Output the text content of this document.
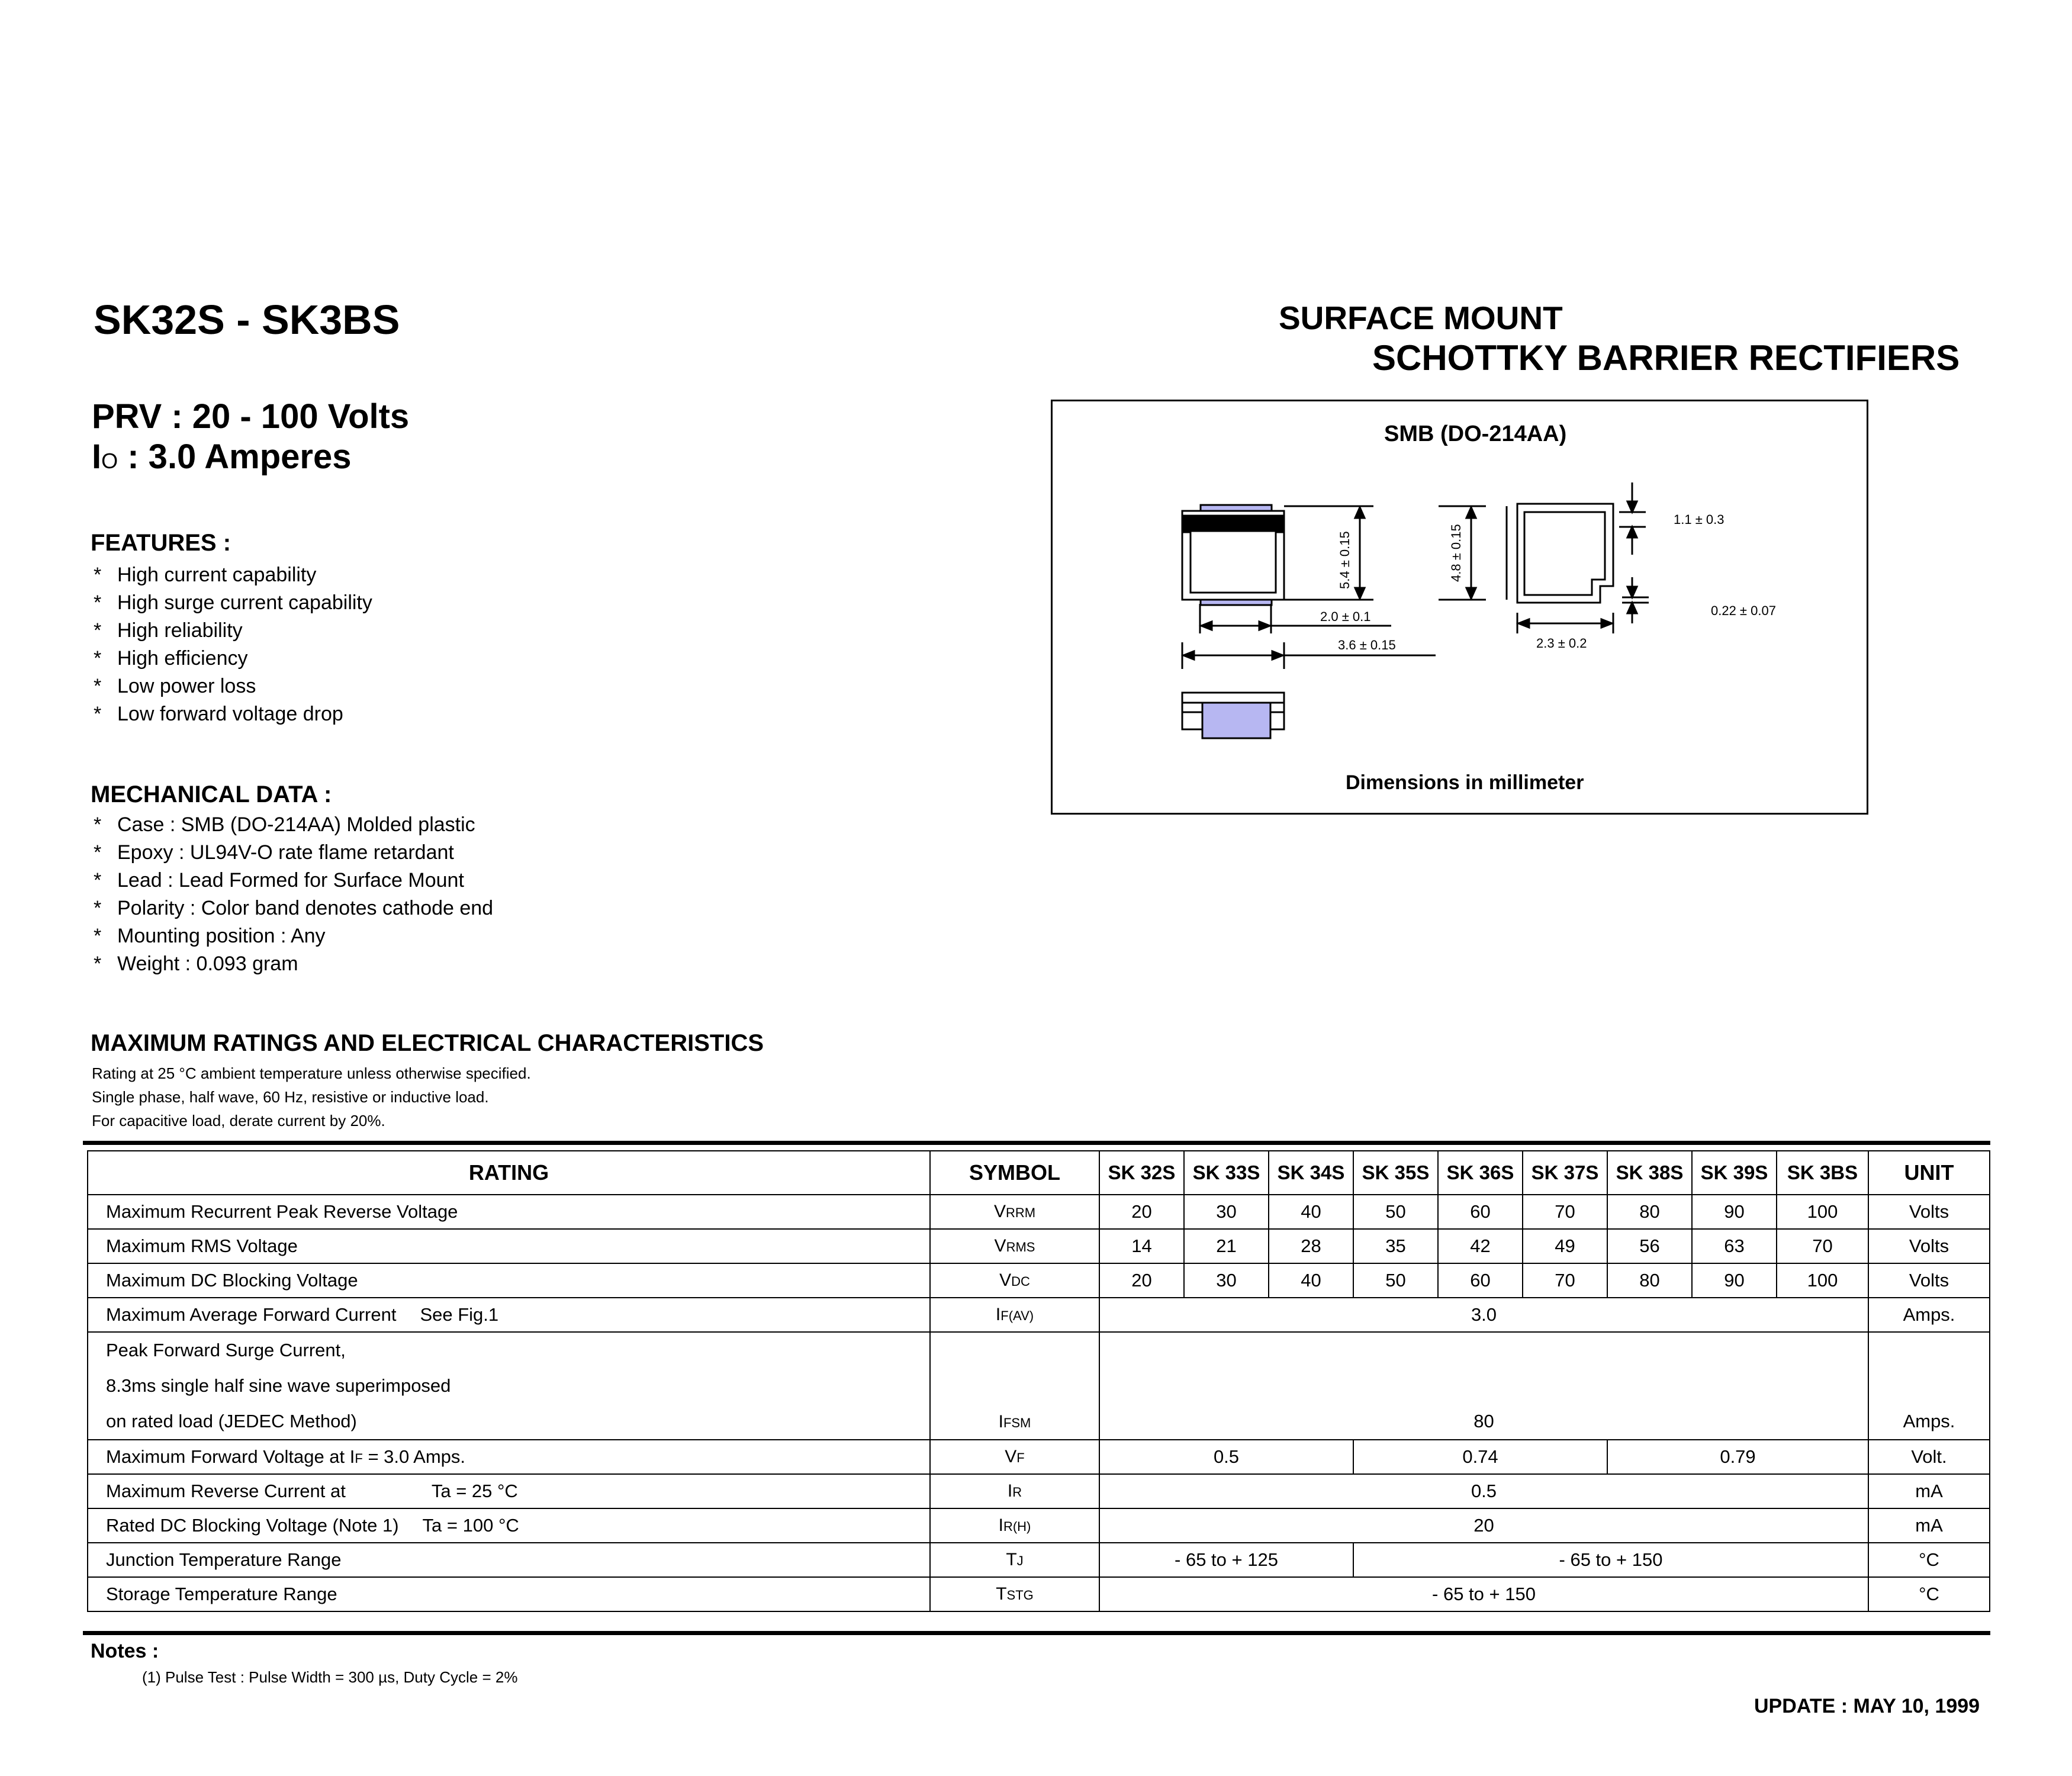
SK32S - SK3BS	SURFACE MOUNT
SCHOTTKY BARRIER RECTIFIERS
PRV : 20 - 100 Volts
IO : 3.0 Amperes
FEATURES :
* High current capability
* High surge current capability
* High reliability
* High efficiency
* Low power loss
* Low forward voltage drop
MECHANICAL DATA :
* Case : SMB (DO-214AA) Molded plastic
* Epoxy : UL94V-O rate flame retardant
* Lead : Lead Formed for Surface Mount
* Polarity : Color band denotes cathode end
* Mounting position : Any
* Weight : 0.093 gram
SMB (DO-214AA)
5.4 ± 0.15
2.0 ± 0.1
3.6 ± 0.15
4.8 ± 0.15
2.3 ± 0.2
1.1 ± 0.3
0.22 ± 0.07
Dimensions in millimeter
MAXIMUM RATINGS AND ELECTRICAL CHARACTERISTICS
Rating at 25 °C ambient temperature unless otherwise specified.
Single phase, half wave, 60 Hz, resistive or inductive load.
For capacitive load, derate current by 20%.
RATING	SYMBOL	SK 32S	SK 33S	SK 34S	SK 35S	SK 36S	SK 37S	SK 38S	SK 39S	SK 3BS	UNIT
Maximum Recurrent Peak Reverse Voltage	VRRM	20	30	40	50	60	70	80	90	100	Volts
Maximum RMS Voltage	VRMS	14	21	28	35	42	49	56	63	70	Volts
Maximum DC Blocking Voltage	VDC	20	30	40	50	60	70	80	90	100	Volts
Maximum Average Forward Current See Fig.1	IF(AV)	3.0									Amps.

Peak Forward Surge Current,
8.3ms single half sine wave superimposed
on rated load (JEDEC Method)	IFSM	80									Amps.
Maximum Forward Voltage at IF = 3.0 Amps.	VF	0.5			0.74			0.79			Volt.
Maximum Reverse Current at Ta = 25 °C	IR	0.5									mA
Rated DC Blocking Voltage (Note 1) Ta = 100 °C	IR(H)	20									mA
Junction Temperature Range	TJ	- 65 to + 125			- 65 to + 150						°C
Storage Temperature Range	TSTG	- 65 to + 150									°C
Notes :
(1) Pulse Test : Pulse Width = 300 µs, Duty Cycle = 2%
UPDATE : MAY 10, 1999
